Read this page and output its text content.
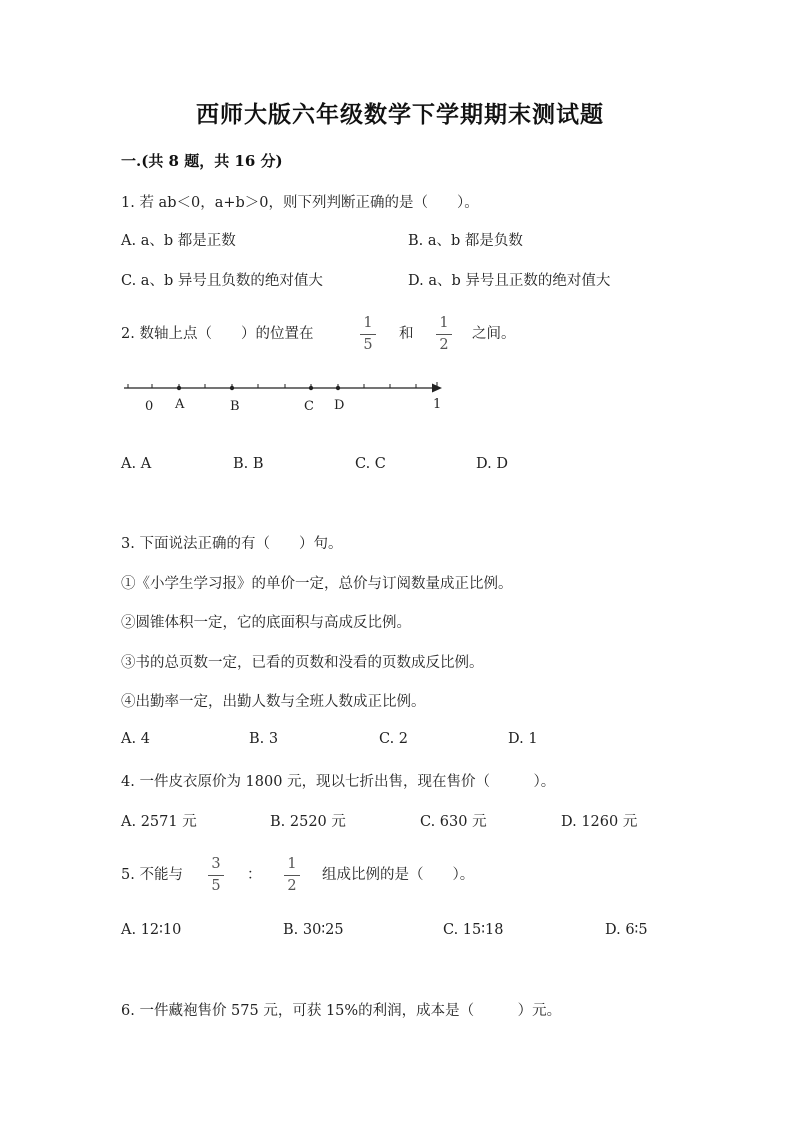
西师大版六年级数学下学期期末测试题
一.(共 8 题，共 16 分)
1. 若 ab＜0，a+b＞0，则下列判断正确的是（　　）。
A. a、b 都是正数	B. a、b 都是负数
C. a、b 异号且负数的绝对值大	D. a、b 异号且正数的绝对值大
2. 数轴上点（　　）的位置在
1
5
和
1
2
之间。
0 A	B	C D	1
A. A	B. B	C. C	D. D
3. 下面说法正确的有（　　）句。
①《小学生学习报》的单价一定，总价与订阅数量成正比例。
②圆锥体积一定，它的底面积与高成反比例。
③书的总页数一定，已看的页数和没看的页数成反比例。
④出勤率一定，出勤人数与全班人数成正比例。
A. 4	B. 3	C. 2	D. 1
4. 一件皮衣原价为 1800 元，现以七折出售，现在售价（　　　）。
A. 2571 元	B. 2520 元	C. 630 元	D. 1260 元
5. 不能与
3
5
：
1
2
组成比例的是（　　）。
A. 12∶10	B. 30∶25	C. 15∶18	D. 6∶5
6. 一件藏袍售价 575 元，可获 15%的利润，成本是（　　　）元。
